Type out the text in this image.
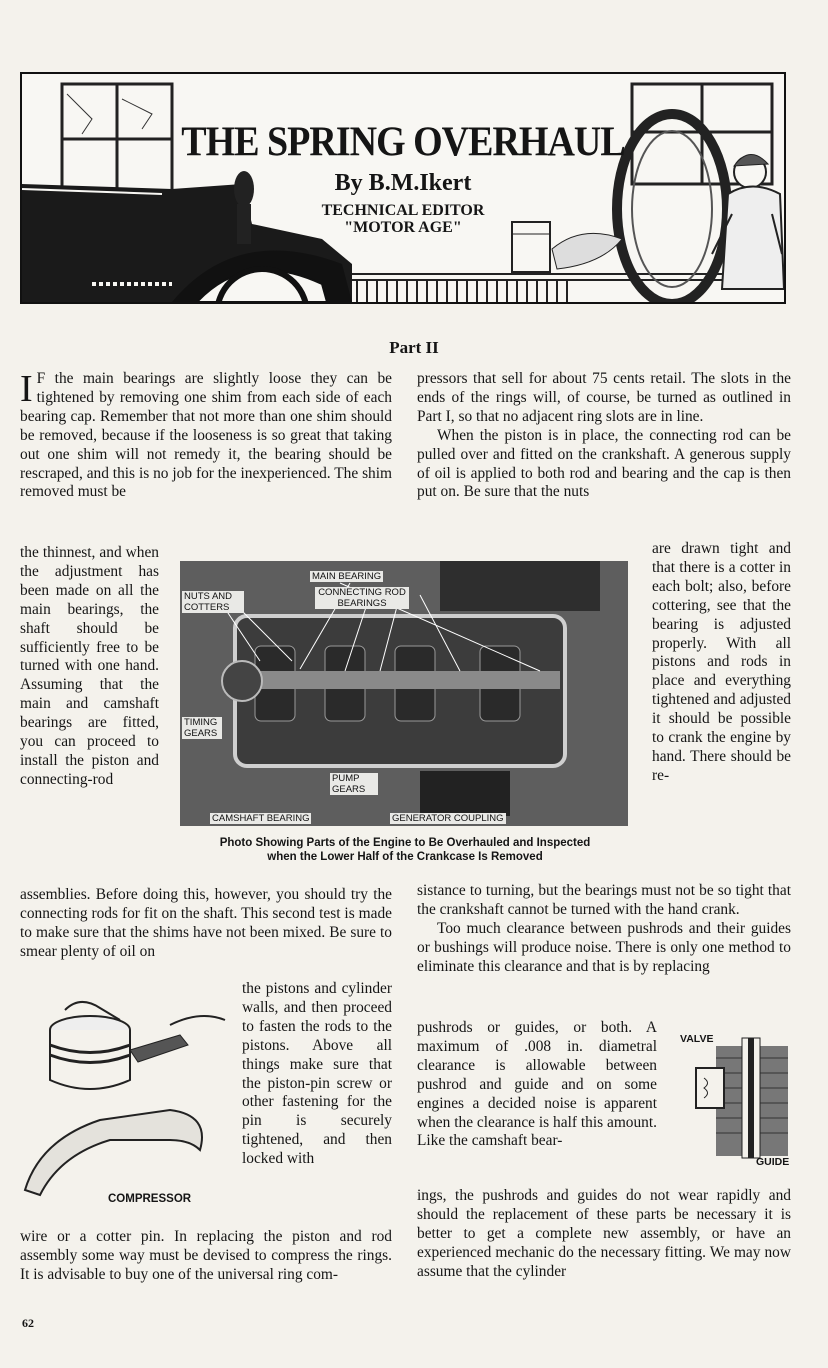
THE SPRING OVERHAUL
By B.M.Ikert
TECHNICAL EDITOR
"MOTOR AGE"
Part II
I F the main bearings are slightly loose they can be tightened by removing one shim from each side of each bearing cap. Remember that not more than one shim should be removed, because if the looseness is so great that taking out one shim will not remedy it, the bearing should be rescraped, and this is no job for the inexperienced. The shim removed must be
the thinnest, and when the adjustment has been made on all the main bearings, the shaft should be sufficiently free to be turned with one hand. Assuming that the main and camshaft bearings are fitted, you can proceed to install the piston and connecting-rod
assemblies. Before doing this, however, you should try the connecting rods for fit on the shaft. This second test is made to make sure that the shims have not been mixed. Be sure to smear plenty of oil on
the pistons and cylinder walls, and then proceed to fasten the rods to the pistons. Above all things make sure that the piston-pin screw or other fastening for the pin is securely tightened, and then locked with
wire or a cotter pin. In replacing the piston and rod assembly some way must be devised to compress the rings. It is advisable to buy one of the universal ring com-
COMPRESSOR

pressors that sell for about 75 cents retail. The slots in the ends of the rings will, of course, be turned as outlined in Part I, so that no adjacent ring slots are in line.

When the piston is in place, the connecting rod can be pulled over and fitted on the crankshaft. A generous supply of oil is applied to both rod and bearing and the cap is then put on. Be sure that the nuts

are drawn tight and that there is a cotter in each bolt; also, before cottering, see that the bearing is adjusted properly. With all pistons and rods in place and everything tightened and adjusted it should be possible to crank the engine by hand. There should be re-

sistance to turning, but the bearings must not be so tight that the crankshaft cannot be turned with the hand crank.

Too much clearance between pushrods and their guides or bushings will produce noise. There is only one method to eliminate this clearance and that is by replacing

pushrods or guides, or both. A maximum of .008 in. diametral clearance is allowable between pushrod and guide and on some engines a decided noise is apparent when the clearance is half this amount. Like the camshaft bear-
ings, the pushrods and guides do not wear rapidly and should the replacement of these parts be necessary it is better to get a complete new assembly, or have an experienced mechanic do the necessary fitting. We may now assume that the cylinder
VALVE
GUIDE
MAIN BEARING
CONNECTING ROD BEARINGS
NUTS AND COTTERS
TIMING GEARS
PUMP GEARS
CAMSHAFT BEARING	GENERATOR COUPLING
Photo Showing Parts of the Engine to Be Overhauled and Inspected
when the Lower Half of the Crankcase Is Removed
62
